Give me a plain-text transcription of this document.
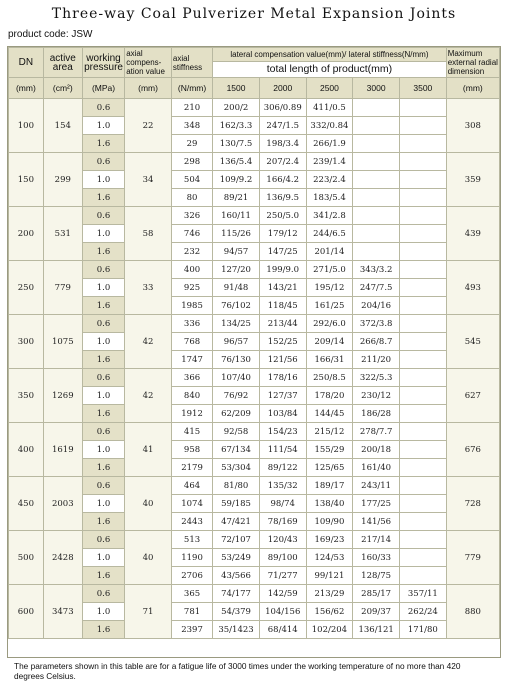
Three-way Coal Pulverizer Metal Expansion Joints
product code: JSW
DN	active area	working pressure	axial compens- ation value	axial stiffness	lateral compensation value(mm)/ lateral stiffness(N/mm)					Maximum external radial dimension
					total length of product(mm)					
(mm)	(cm²)	(MPa)	(mm)	(N/mm)	1500	2000	2500	3000	3500	(mm)
100	154	0.6	22	210	200/2	306/0.89	411/0.5			308
		1.0		348	162/3.3	247/1.5	332/0.84			
		1.6		29	130/7.5	198/3.4	266/1.9			
150	299	0.6	34	298	136/5.4	207/2.4	239/1.4			359
		1.0		504	109/9.2	166/4.2	223/2.4			
		1.6		80	89/21	136/9.5	183/5.4			
200	531	0.6	58	326	160/11	250/5.0	341/2.8			439
		1.0		746	115/26	179/12	244/6.5			
		1.6		232	94/57	147/25	201/14			
250	779	0.6	33	400	127/20	199/9.0	271/5.0	343/3.2		493
		1.0		925	91/48	143/21	195/12	247/7.5		
		1.6		1985	76/102	118/45	161/25	204/16		
300	1075	0.6	42	336	134/25	213/44	292/6.0	372/3.8		545
		1.0		768	96/57	152/25	209/14	266/8.7		
		1.6		1747	76/130	121/56	166/31	211/20		
350	1269	0.6	42	366	107/40	178/16	250/8.5	322/5.3		627
		1.0		840	76/92	127/37	178/20	230/12		
		1.6		1912	62/209	103/84	144/45	186/28		
400	1619	0.6	41	415	92/58	154/23	215/12	278/7.7		676
		1.0		958	67/134	111/54	155/29	200/18		
		1.6		2179	53/304	89/122	125/65	161/40		
450	2003	0.6	40	464	81/80	135/32	189/17	243/11		728
		1.0		1074	59/185	98/74	138/40	177/25		
		1.6		2443	47/421	78/169	109/90	141/56		
500	2428	0.6	40	513	72/107	120/43	169/23	217/14		779
		1.0		1190	53/249	89/100	124/53	160/33		
		1.6		2706	43/566	71/277	99/121	128/75		
600	3473	0.6	71	365	74/177	142/59	213/29	285/17	357/11	880
		1.0		781	54/379	104/156	156/62	209/37	262/24	
		1.6		2397	35/1423	68/414	102/204	136/121	171/80	
The parameters shown in this table are for a fatigue life of 3000 times under the working temperature of no more than 420 degrees Celsius.
